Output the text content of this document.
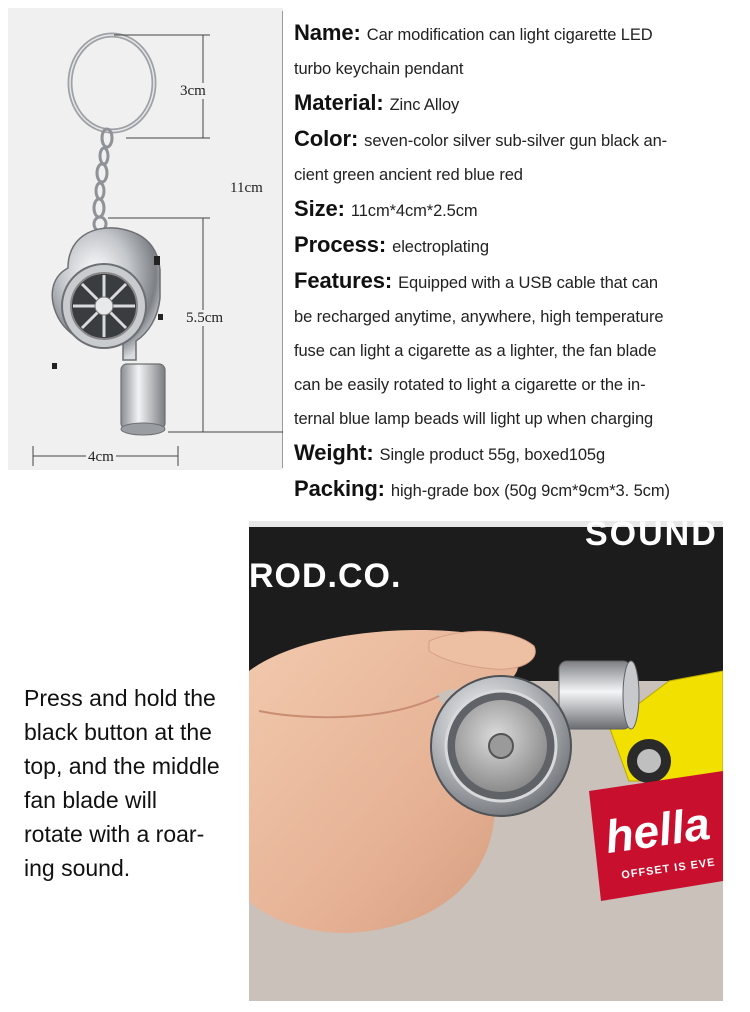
3cm
11cm
5.5cm
4cm
Name: Car modification can light cigarette LED
turbo keychain pendant
Material: Zinc Alloy
Color: seven-color silver sub-silver gun black an-
cient green ancient red blue red
Size: 11cm*4cm*2.5cm
Process: electroplating
Features: Equipped with a USB cable that can
be recharged anytime, anywhere, high temperature
fuse can light a cigarette as a lighter, the fan blade
can be easily rotated to light a cigarette or the in-
ternal blue lamp beads will light up when charging
Weight: Single product 55g, boxed105g
Packing: high-grade box (50g 9cm*9cm*3. 5cm)
Press and hold the
black button at the
top, and the middle
fan blade will
rotate with a roar-
ing sound.
SOUND
ROD.CO.
hella
OFFSET IS EVE
